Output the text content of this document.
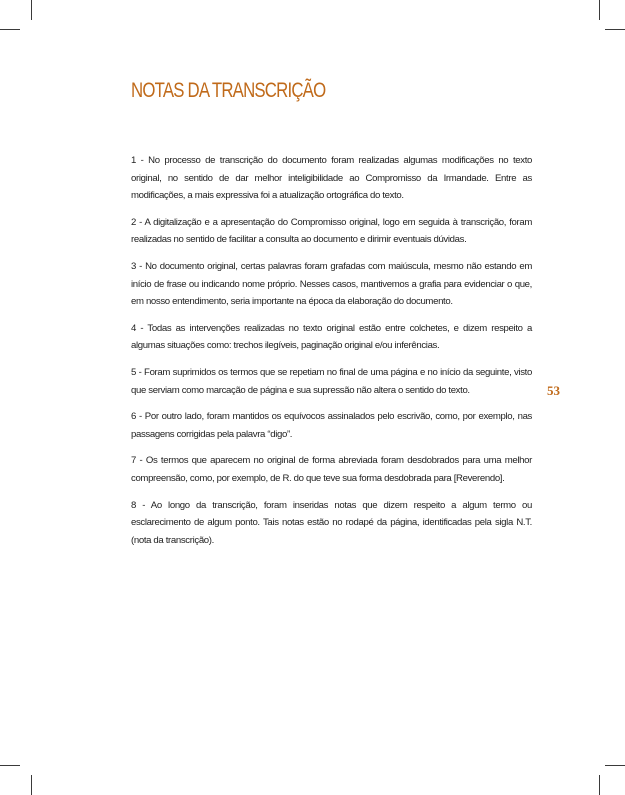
NOTAS DA TRANSCRIÇÃO

1 - No processo de transcrição do documento foram realizadas algumas modificações no texto original, no sentido de dar melhor inteligibilidade ao Compromisso da Irmandade. Entre as modificações, a mais expressiva foi a atualização ortográfica do texto.

2 - A digitalização e a apresentação do Compromisso original, logo em seguida à transcrição, foram realizadas no sentido de facilitar a consulta ao documento e dirimir eventuais dúvidas.

3 - No documento original, certas palavras foram grafadas com maiúscula, mesmo não estando em início de frase ou indicando nome próprio. Nesses casos, mantivemos a grafia para evidenciar o que, em nosso entendimento, seria importante na época da elaboração do documento.

4 - Todas as intervenções realizadas no texto original estão entre colchetes, e dizem respeito a algumas situações como: trechos ilegíveis, paginação original e/ou inferências.

5 - Foram suprimidos os termos que se repetiam no final de uma página e no início da seguinte, visto que serviam como marcação de página e sua supressão não altera o sentido do texto.

6 - Por outro lado, foram mantidos os equívocos assinalados pelo escrivão, como, por exemplo, nas passagens corrigidas pela palavra “digo”.

7 - Os termos que aparecem no original de forma abreviada foram desdobrados para uma melhor compreensão, como, por exemplo, de R. do que teve sua forma desdobrada para [Reverendo].

8 - Ao longo da transcrição, foram inseridas notas que dizem respeito a algum termo ou esclarecimento de algum ponto. Tais notas estão no rodapé da página, identificadas pela sigla N.T. (nota da transcrição).

53
